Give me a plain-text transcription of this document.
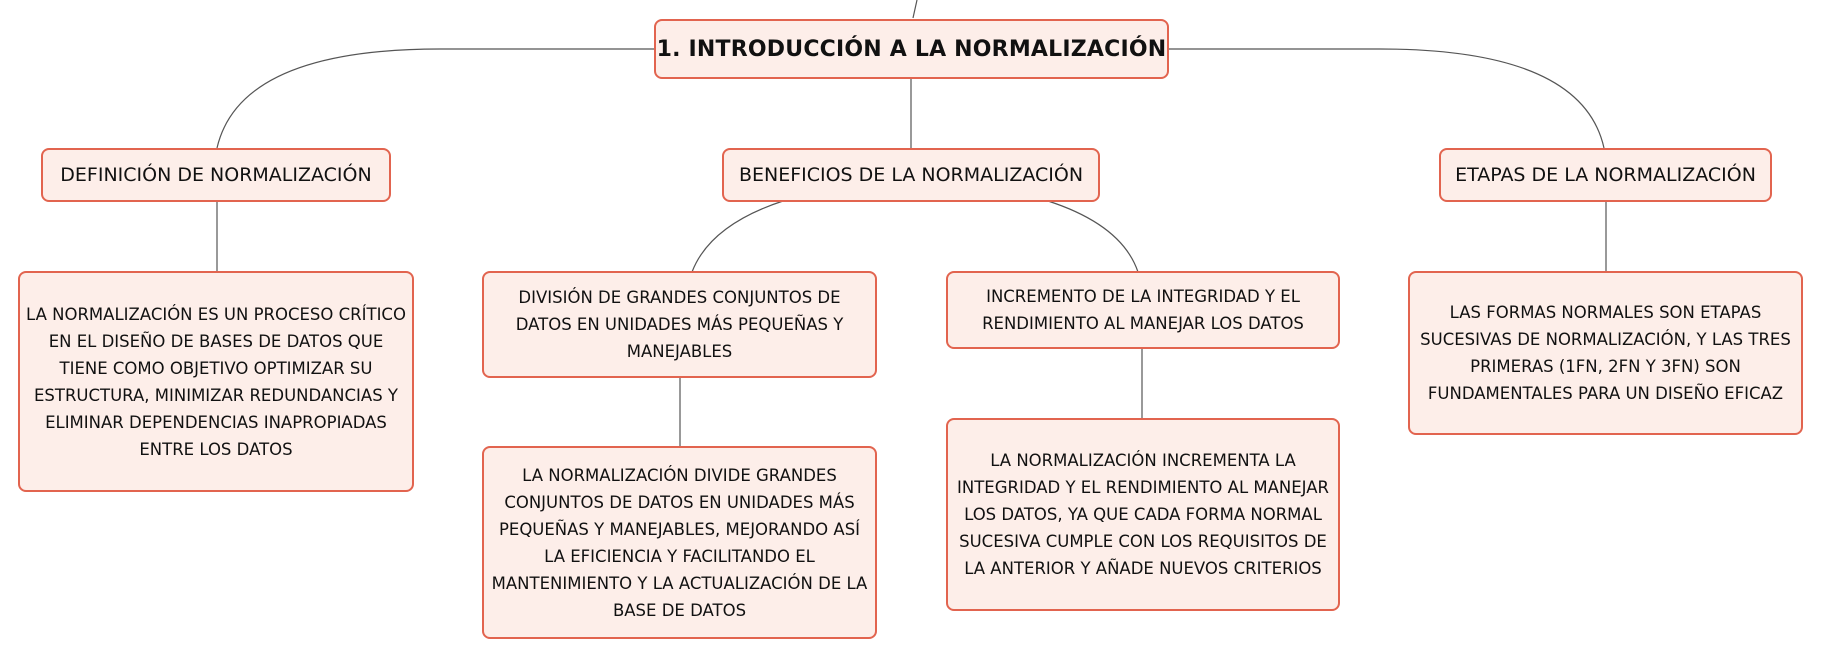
1. INTRODUCCIÓN A LA NORMALIZACIÓN
DEFINICIÓN DE NORMALIZACIÓN	BENEFICIOS DE LA NORMALIZACIÓN	ETAPAS DE LA NORMALIZACIÓN
LA NORMALIZACIÓN ES UN PROCESO CRÍTICO EN EL DISEÑO DE BASES DE DATOS QUE TIENE COMO OBJETIVO OPTIMIZAR SU ESTRUCTURA, MINIMIZAR REDUNDANCIAS Y ELIMINAR DEPENDENCIAS INAPROPIADAS ENTRE LOS DATOS
DIVISIÓN DE GRANDES CONJUNTOS DE DATOS EN UNIDADES MÁS PEQUEÑAS Y MANEJABLES
INCREMENTO DE LA INTEGRIDAD Y EL RENDIMIENTO AL MANEJAR LOS DATOS
LA NORMALIZACIÓN DIVIDE GRANDES CONJUNTOS DE DATOS EN UNIDADES MÁS PEQUEÑAS Y MANEJABLES, MEJORANDO ASÍ LA EFICIENCIA Y FACILITANDO EL MANTENIMIENTO Y LA ACTUALIZACIÓN DE LA BASE DE DATOS
LA NORMALIZACIÓN INCREMENTA LA INTEGRIDAD Y EL RENDIMIENTO AL MANEJAR LOS DATOS, YA QUE CADA FORMA NORMAL SUCESIVA CUMPLE CON LOS REQUISITOS DE LA ANTERIOR Y AÑADE NUEVOS CRITERIOS
LAS FORMAS NORMALES SON ETAPAS SUCESIVAS DE NORMALIZACIÓN, Y LAS TRES PRIMERAS (1FN, 2FN Y 3FN) SON FUNDAMENTALES PARA UN DISEÑO EFICAZ
